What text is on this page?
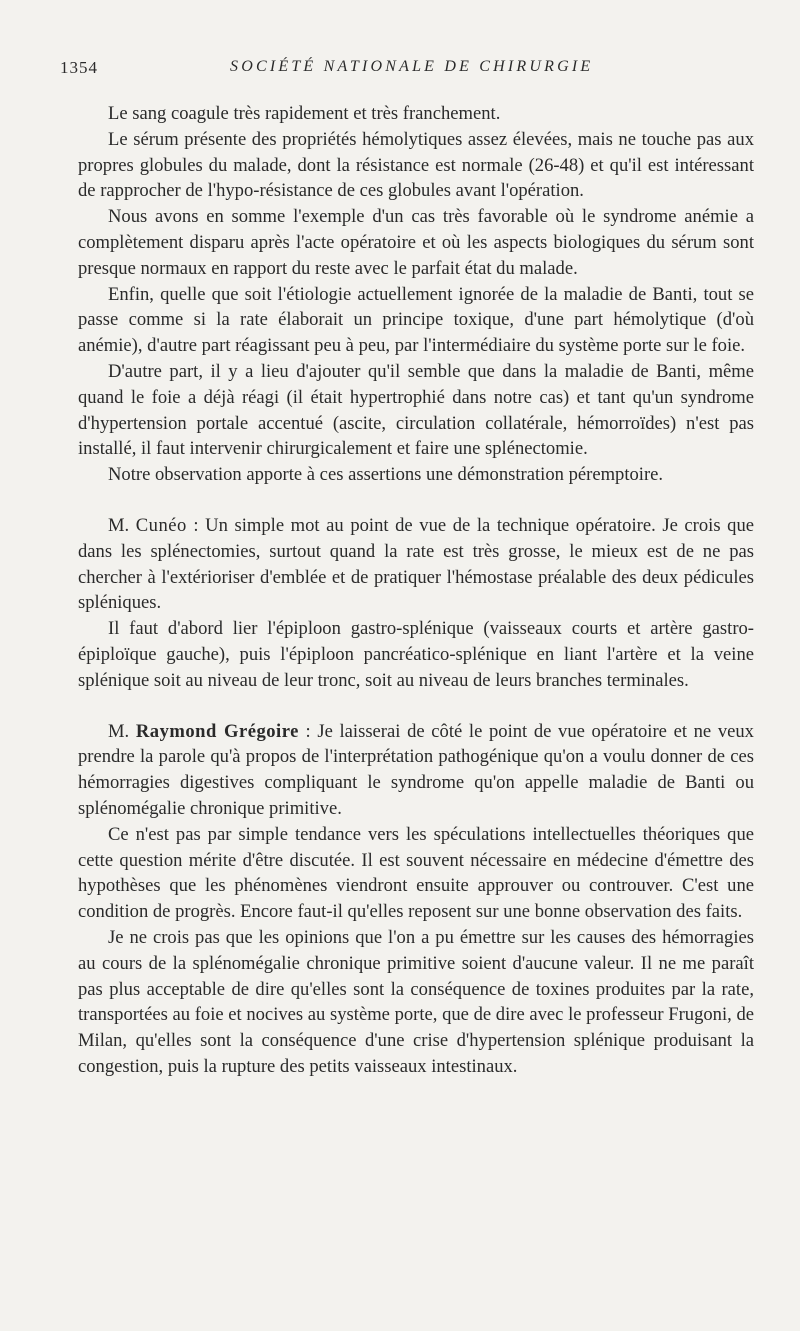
1354	SOCIÉTÉ NATIONALE DE CHIRURGIE

Le sang coagule très rapidement et très franchement.

Le sérum présente des propriétés hémolytiques assez élevées, mais ne touche pas aux propres globules du malade, dont la résistance est normale (26-48) et qu'il est intéressant de rapprocher de l'hypo-résistance de ces globules avant l'opération.

Nous avons en somme l'exemple d'un cas très favorable où le syndrome anémie a complètement disparu après l'acte opératoire et où les aspects biologiques du sérum sont presque normaux en rapport du reste avec le parfait état du malade.

Enfin, quelle que soit l'étiologie actuellement ignorée de la maladie de Banti, tout se passe comme si la rate élaborait un principe toxique, d'une part hémolytique (d'où anémie), d'autre part réagissant peu à peu, par l'intermédiaire du système porte sur le foie.

D'autre part, il y a lieu d'ajouter qu'il semble que dans la maladie de Banti, même quand le foie a déjà réagi (il était hypertrophié dans notre cas) et tant qu'un syndrome d'hypertension portale accentué (ascite, circulation collatérale, hémorroïdes) n'est pas installé, il faut intervenir chirurgicalement et faire une splénectomie.

Notre observation apporte à ces assertions une démonstration péremptoire.

M. Cunéo : Un simple mot au point de vue de la technique opératoire. Je crois que dans les splénectomies, surtout quand la rate est très grosse, le mieux est de ne pas chercher à l'extérioriser d'emblée et de pratiquer l'hémostase préalable des deux pédicules spléniques.

Il faut d'abord lier l'épiploon gastro-splénique (vaisseaux courts et artère gastro-épiploïque gauche), puis l'épiploon pancréatico-splénique en liant l'artère et la veine splénique soit au niveau de leur tronc, soit au niveau de leurs branches terminales.

M. Raymond Grégoire : Je laisserai de côté le point de vue opératoire et ne veux prendre la parole qu'à propos de l'interprétation pathogénique qu'on a voulu donner de ces hémorragies digestives compliquant le syndrome qu'on appelle maladie de Banti ou splénomégalie chronique primitive.

Ce n'est pas par simple tendance vers les spéculations intellectuelles théoriques que cette question mérite d'être discutée. Il est souvent nécessaire en médecine d'émettre des hypothèses que les phénomènes viendront ensuite approuver ou controuver. C'est une condition de progrès. Encore faut-il qu'elles reposent sur une bonne observation des faits.

Je ne crois pas que les opinions que l'on a pu émettre sur les causes des hémorragies au cours de la splénomégalie chronique primitive soient d'aucune valeur. Il ne me paraît pas plus acceptable de dire qu'elles sont la conséquence de toxines produites par la rate, transportées au foie et nocives au système porte, que de dire avec le professeur Frugoni, de Milan, qu'elles sont la conséquence d'une crise d'hypertension splénique produisant la congestion, puis la rupture des petits vaisseaux intestinaux.
